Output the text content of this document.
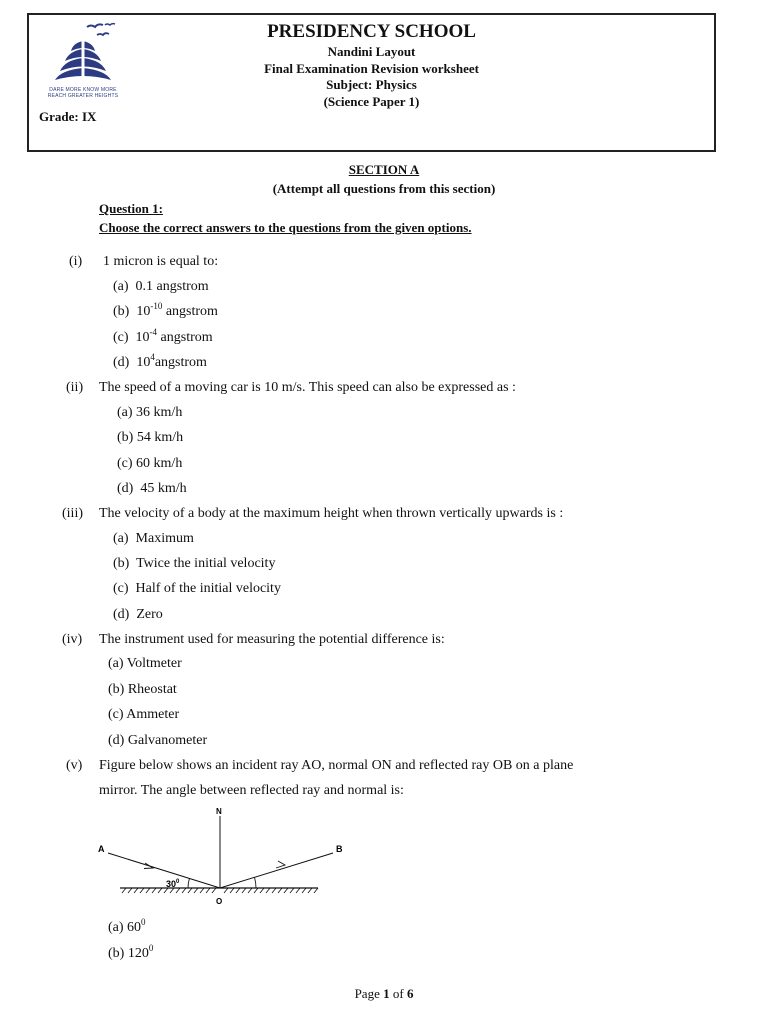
DARE MORE KNOW MORE
REACH GREATER HEIGHTS
PRESIDENCY SCHOOL
Nandini Layout
Final Examination Revision worksheet
Subject: Physics
(Science Paper 1)
Grade: IX
SECTION A
(Attempt all questions from this section)
Question 1:
Choose the correct answers to the questions from the given options.
(i) 1 micron is equal to:
(a) 0.1 angstrom
(b) $10^{-10}$ angstrom
(c) $10^{-4}$ angstrom
(d) $10^4angstrom$
(ii) The speed of a moving car is 10 m/s. This speed can also be expressed as :
(a) 36 km/h
(b) 54 km/h
(c) 60 km/h
(d) 45 km/h
(iii) The velocity of a body at the maximum height when thrown vertically upwards is :
(a) Maximum
(b) Twice the initial velocity
(c) Half of the initial velocity
(d) Zero
(iv) The instrument used for measuring the potential difference is:
(a) Voltmeter
(b) Rheostat
(c) Ammeter
(d) Galvanometer
(v) Figure below shows an incident ray AO, normal ON and reflected ray OB on a plane
mirror. The angle between reflected ray and normal is:
A	B
N
O
$30^0$
(a) $60^0$
(b) $120^0$
Page 1 of 6
